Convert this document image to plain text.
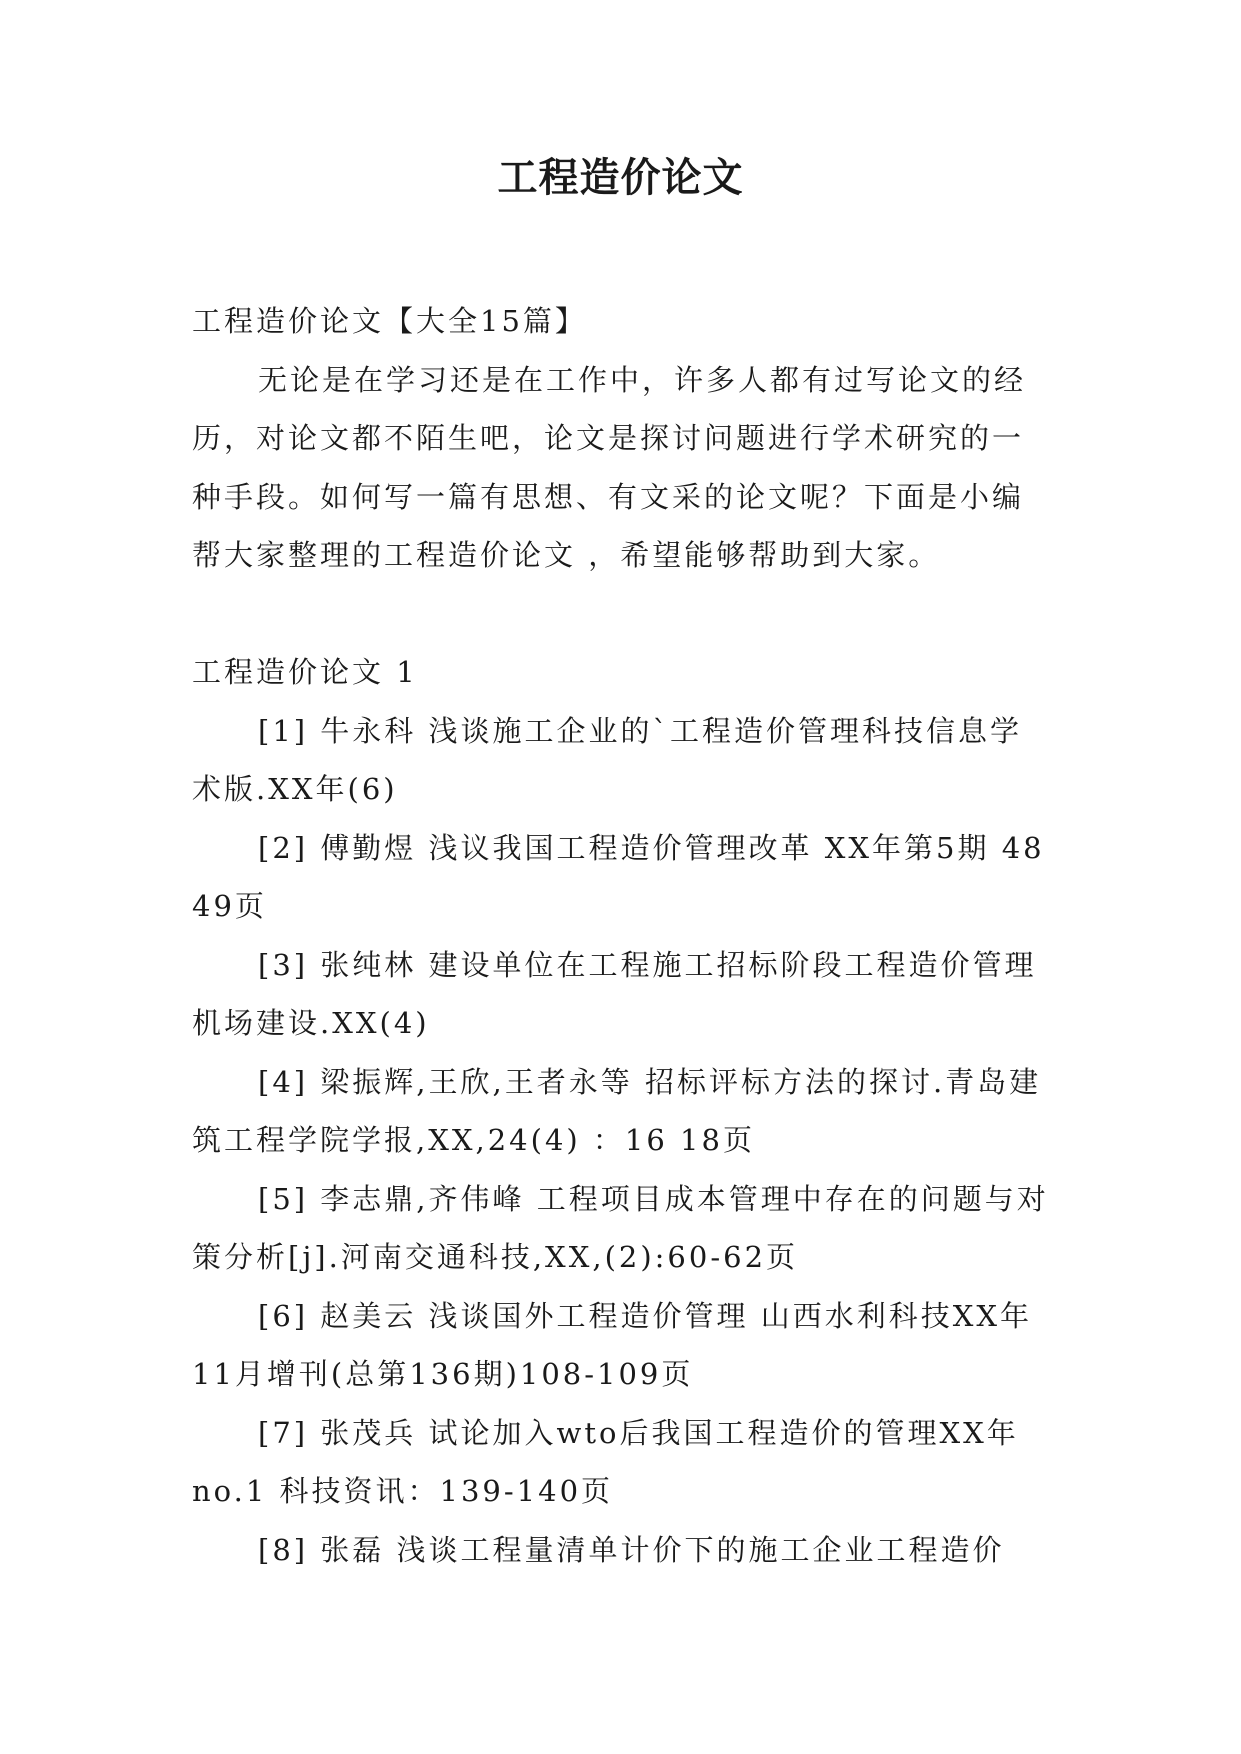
工程造价论文

工程造价论文【大全15篇】

无论是在学习还是在工作中，许多人都有过写论文的经历，对论文都不陌生吧，论文是探讨问题进行学术研究的一种手段。如何写一篇有思想、有文采的论文呢？下面是小编帮大家整理的工程造价论文 ，希望能够帮助到大家。

工程造价论文 1

[1] 牛永科 浅谈施工企业的`工程造价管理科技信息学术版.XX年(6)

[2] 傅勤煜 浅议我国工程造价管理改革 XX年第5期 48 49页

[3] 张纯林 建设单位在工程施工招标阶段工程造价管理机场建设.XX(4)

[4] 梁振辉,王欣,王者永等 招标评标方法的探讨.青岛建筑工程学院学报,XX,24(4) ：16 18页

[5] 李志鼎,齐伟峰 工程项目成本管理中存在的问题与对策分析[j].河南交通科技,XX,(2):60-62页

[6] 赵美云 浅谈国外工程造价管理 山西水利科技XX年11月增刊(总第136期)108-109页

[7] 张茂兵 试论加入wto后我国工程造价的管理XX年no.1 科技资讯：139-140页

[8] 张磊 浅谈工程量清单计价下的施工企业工程造价
